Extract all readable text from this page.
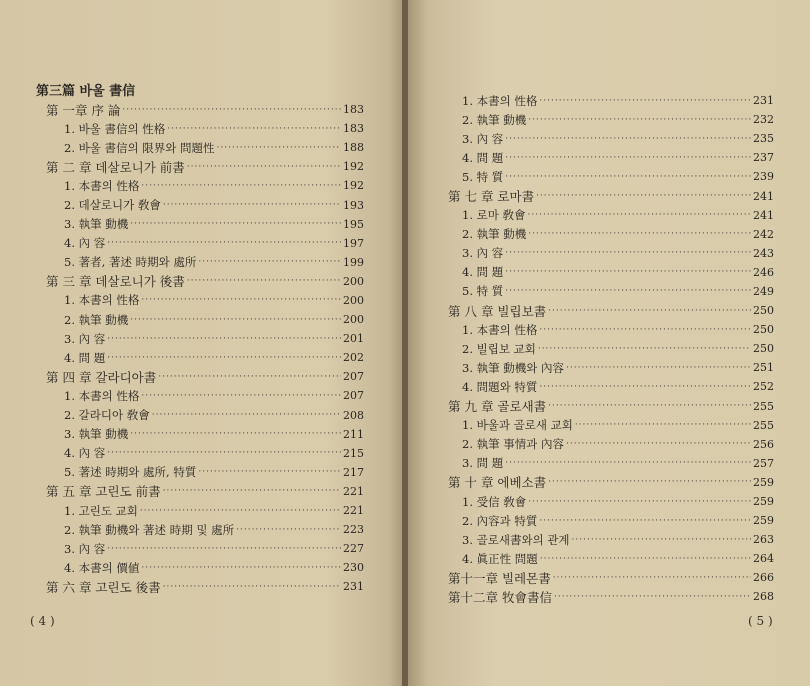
第三篇 바울 書信
第 一章 序 論 ·····	183
1. 바울 書信의 性格 ·····	183
2. 바울 書信의 限界와 問題性 ·····	188
第 二 章 데살로니가 前書 ·····	192
1. 本書의 性格 ·····	192
2. 데살로니가 敎會 ·····	193
3. 執筆 動機 ·····	195
4. 內 容 ·····	197
5. 著者, 著述 時期와 處所 ·····	199
第 三 章 데살로니가 後書 ·····	200
1. 本書의 性格 ·····	200
2. 執筆 動機 ·····	200
3. 內 容 ·····	201
4. 問 題 ·····	202
第 四 章 갈라디아書 ·····	207
1. 本書의 性格 ·····	207
2. 갈라디아 敎會 ·····	208
3. 執筆 動機 ·····	211
4. 內 容 ·····	215
5. 著述 時期와 處所, 特質 ·····	217
第 五 章 고린도 前書 ·····	221
1. 고린도 교회 ·····	221
2. 執筆 動機와 著述 時期 및 處所 ·····	223
3. 內 容 ·····	227
4. 本書의 價値 ·····	230
第 六 章 고린도 後書 ·····	231
( 4 )
1. 本書의 性格 ·····	231
2. 執筆 動機 ·····	232
3. 內 容 ·····	235
4. 問 題 ·····	237
5. 特 質 ·····	239
第 七 章 로마書 ·····	241
1. 로마 敎會 ·····	241
2. 執筆 動機 ·····	242
3. 內 容 ·····	243
4. 問 題 ·····	246
5. 特 質 ·····	249
第 八 章 빌립보書 ·····	250
1. 本書의 性格 ·····	250
2. 빌립보 교회 ·····	250
3. 執筆 動機와 內容 ·····	251
4. 問題와 特質 ·····	252
第 九 章 골로새書 ·····	255
1. 바울과 골로새 교회 ·····	255
2. 執筆 事情과 內容 ·····	256
3. 問 題 ·····	257
第 十 章 에베소書 ·····	259
1. 受信 敎會 ·····	259
2. 內容과 特質 ·····	259
3. 골로새書와의 관계 ·····	263
4. 眞正性 問題 ·····	264
第十一章 빌레몬書 ·····	266
第十二章 牧會書信 ·····	268
( 5 )
